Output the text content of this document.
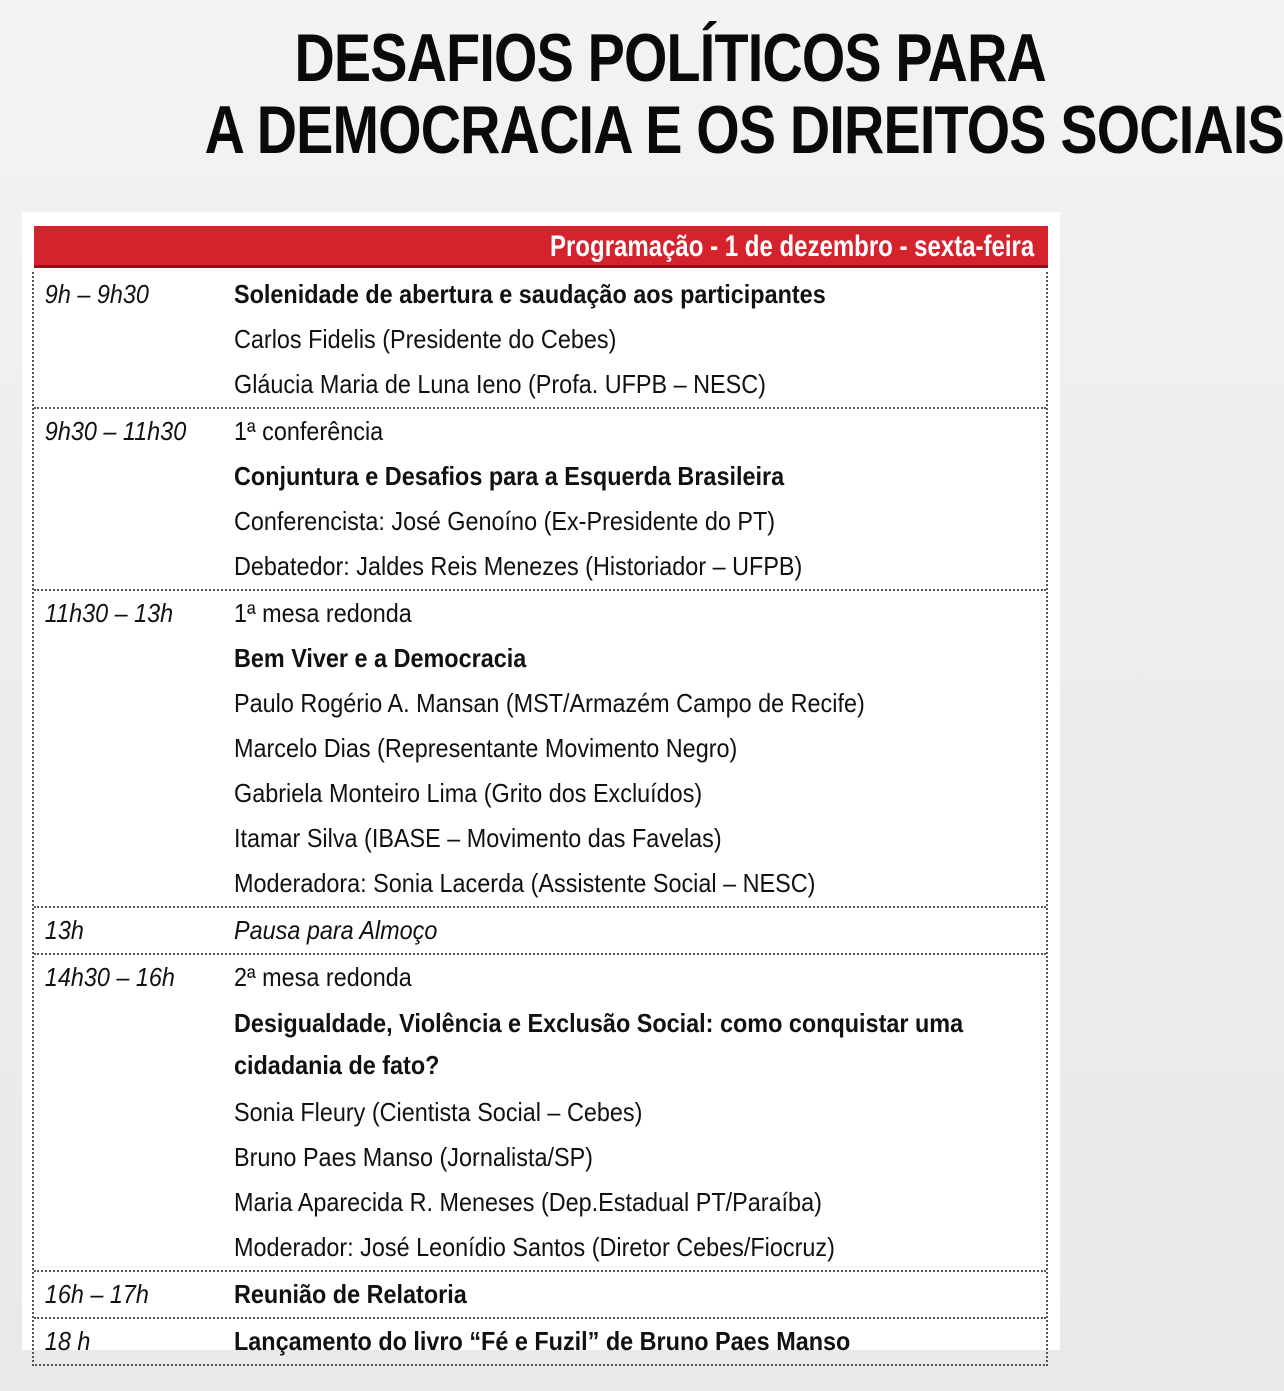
DESAFIOS POLÍTICOS PARA
A DEMOCRACIA E OS DIREITOS SOCIAIS
Programação - 1 de dezembro - sexta-feira
9h – 9h30	Solenidade de abertura e saudação aos participantes
Carlos Fidelis (Presidente do Cebes)
Gláucia Maria de Luna Ieno (Profa. UFPB – NESC)
9h30 – 11h30	1ª conferência
Conjuntura e Desafios para a Esquerda Brasileira
Conferencista: José Genoíno (Ex-Presidente do PT)
Debatedor: Jaldes Reis Menezes (Historiador – UFPB)
11h30 – 13h	1ª mesa redonda
Bem Viver e a Democracia
Paulo Rogério A. Mansan (MST/Armazém Campo de Recife)
Marcelo Dias (Representante Movimento Negro)
Gabriela Monteiro Lima (Grito dos Excluídos)
Itamar Silva (IBASE – Movimento das Favelas)
Moderadora: Sonia Lacerda (Assistente Social – NESC)
13h	Pausa para Almoço
14h30 – 16h	2ª mesa redonda
Desigualdade, Violência e Exclusão Social: como conquistar uma cidadania de fato?
Sonia Fleury (Cientista Social – Cebes)
Bruno Paes Manso (Jornalista/SP)
Maria Aparecida R. Meneses (Dep.Estadual PT/Paraíba)
Moderador: José Leonídio Santos (Diretor Cebes/Fiocruz)
16h – 17h	Reunião de Relatoria
18 h	Lançamento do livro “Fé e Fuzil” de Bruno Paes Manso
